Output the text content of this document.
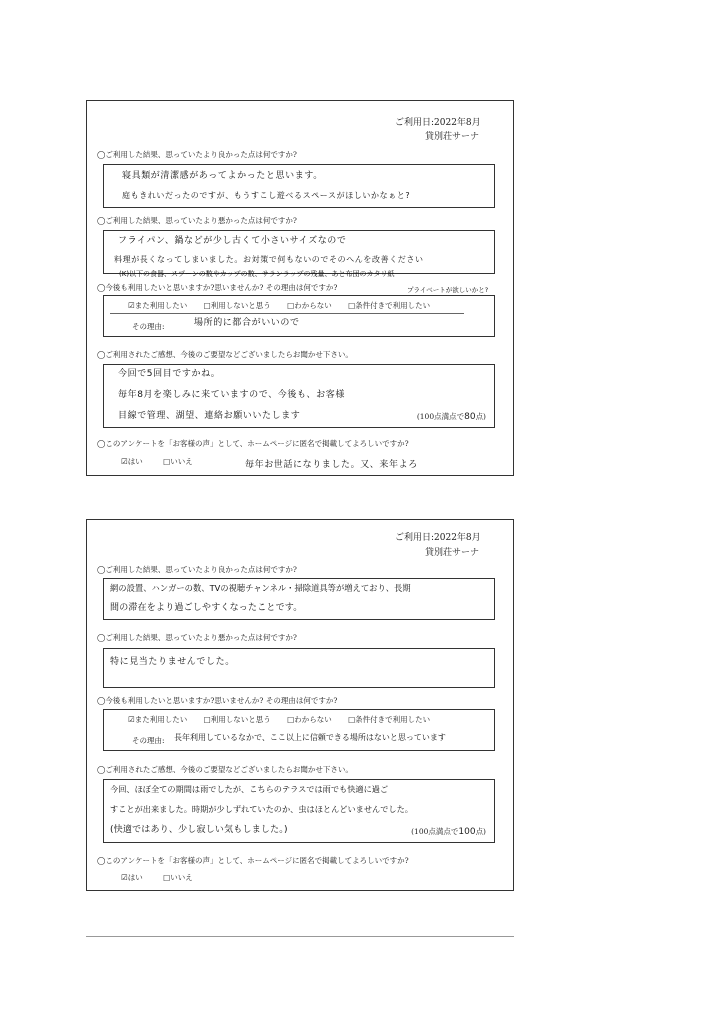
ご利用日:2022年8月
貸別荘サーナ
◯ご利用した結果、思っていたより良かった点は何ですか?
寝具類が清潔感があってよかったと思います。
庭もきれいだったのですが、もうすこし遊べるスペースがほしいかなぁと?
◯ご利用した結果、思っていたより悪かった点は何ですか?
フライパン、鍋などが少し古くて小さいサイズなので
料理が長くなってしまいました。お対策で何もないのでそのへんを改善ください
(K)以下の食器、スプーンの数やカップの数、サランラップの残量、あと布団のカタリ紙
プライベートが欲しいかと?
◯今後も利用したいと思いますか?思いませんか? その理由は何ですか?
☑また利用したい □利用しないと思う □わからない □条件付きで利用したい
その理由:	場所的に都合がいいので
◯ご利用されたご感想、今後のご要望などございましたらお聞かせ下さい。
今回で5回目ですかね。
毎年8月を楽しみに来ていますので、今後も、お客様
目線で管理、湖望、連絡お願いいたします	(100点満点で80点)
◯このアンケートを「お客様の声」として、ホームページに匿名で掲載してよろしいですか?
☑はい	□いいえ	毎年お世話になりました。又、来年よろ
ご利用日:2022年8月
貸別荘サーナ
◯ご利用した結果、思っていたより良かった点は何ですか?
網の設置、ハンガーの数、TVの視聴チャンネル・掃除道具等が増えており、長期
間の滞在をより過ごしやすくなったことです。
◯ご利用した結果、思っていたより悪かった点は何ですか?
特に見当たりませんでした。
◯今後も利用したいと思いますか?思いませんか? その理由は何ですか?
☑また利用したい □利用しないと思う □わからない □条件付きで利用したい
その理由: 長年利用しているなかで、ここ以上に信頼できる場所はないと思っています
◯ご利用されたご感想、今後のご要望などございましたらお聞かせ下さい。
今回、ほぼ全ての期間は雨でしたが、こちらのテラスでは雨でも快適に過ご
すことが出来ました。時期が少しずれていたのか、虫はほとんどいませんでした。
(快適ではあり、少し寂しい気もしました。)	(100点満点で100点)
◯このアンケートを「お客様の声」として、ホームページに匿名で掲載してよろしいですか?
☑はい	□いいえ
